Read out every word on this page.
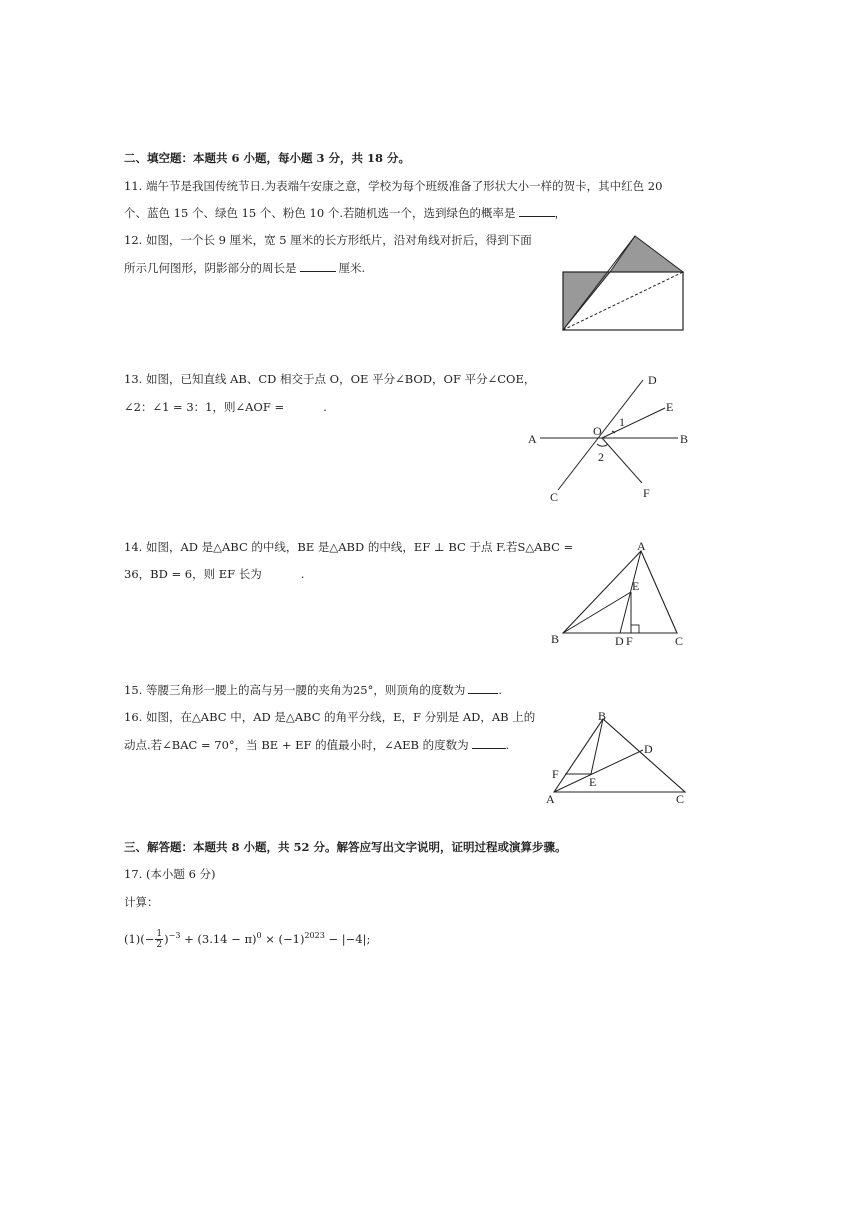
二、填空题：本题共 6 小题，每小题 3 分，共 18 分。
11. 端午节是我国传统节日.为表端午安康之意，学校为每个班级准备了形状大小一样的贺卡，其中红色 20
个、蓝色 15 个、绿色 15 个、粉色 10 个.若随机选一个，选到绿色的概率是	，
12. 如图，一个长 9 厘米，宽 5 厘米的长方形纸片，沿对角线对折后，得到下面
所示几何图形，阴影部分的周长是	厘米.
13. 如图，已知直线 AB、CD 相交于点 O，OE 平分∠BOD，OF 平分∠COE，
∠2：∠1 = 3：1，则∠AOF =	.
A	B
C
D
E
F
O
1
2
14. 如图，AD 是△ABC 的中线，BE 是△ABD 的中线，EF ⊥ BC 于点 F.若S△ABC =
36，BD = 6，则 EF 长为	.
A
B	C
D
E
F
15. 等腰三角形一腰上的高与另一腰的夹角为25°，则顶角的度数为	.
16. 如图，在△ABC 中，AD 是△ABC 的角平分线，E，F 分别是 AD，AB 上的
动点.若∠BAC = 70°，当 BE + EF 的值最小时，∠AEB 的度数为	.
B
A	C
D
E
F
三、解答题：本题共 8 小题，共 52 分。解答应写出文字说明，证明过程或演算步骤。
17. (本小题 6 分)
计算：
$(1)(- \frac{1}{2} )^{-3} + (3.14 - \pi)^0 \times (-1)^{2023} - |-4|$;
